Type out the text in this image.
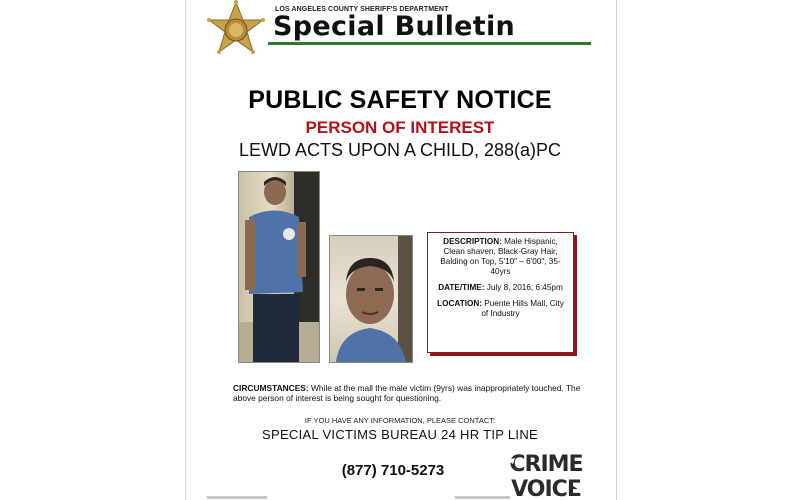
LOS ANGELES COUNTY SHERIFF'S DEPARTMENT
Special Bulletin
PUBLIC SAFETY NOTICE
PERSON OF INTEREST
LEWD ACTS UPON A CHILD, 288(a)PC

DESCRIPTION: Male Hispanic, Clean shaven, Black-Gray Hair, Balding on Top, 5'10" – 6'00", 35-40yrs

DATE/TIME: July 8, 2016; 6:45pm

LOCATION: Puente Hills Mall, City of Industry

CIRCUMSTANCES: While at the mall the male victim (9yrs) was inappropriately touched. The above person of interest is being sought for questioning.
IF YOU HAVE ANY INFORMATION, PLEASE CONTACT:
SPECIAL VICTIMS BUREAU 24 HR TIP LINE
(877) 710-5273	CRIME
VOICE
